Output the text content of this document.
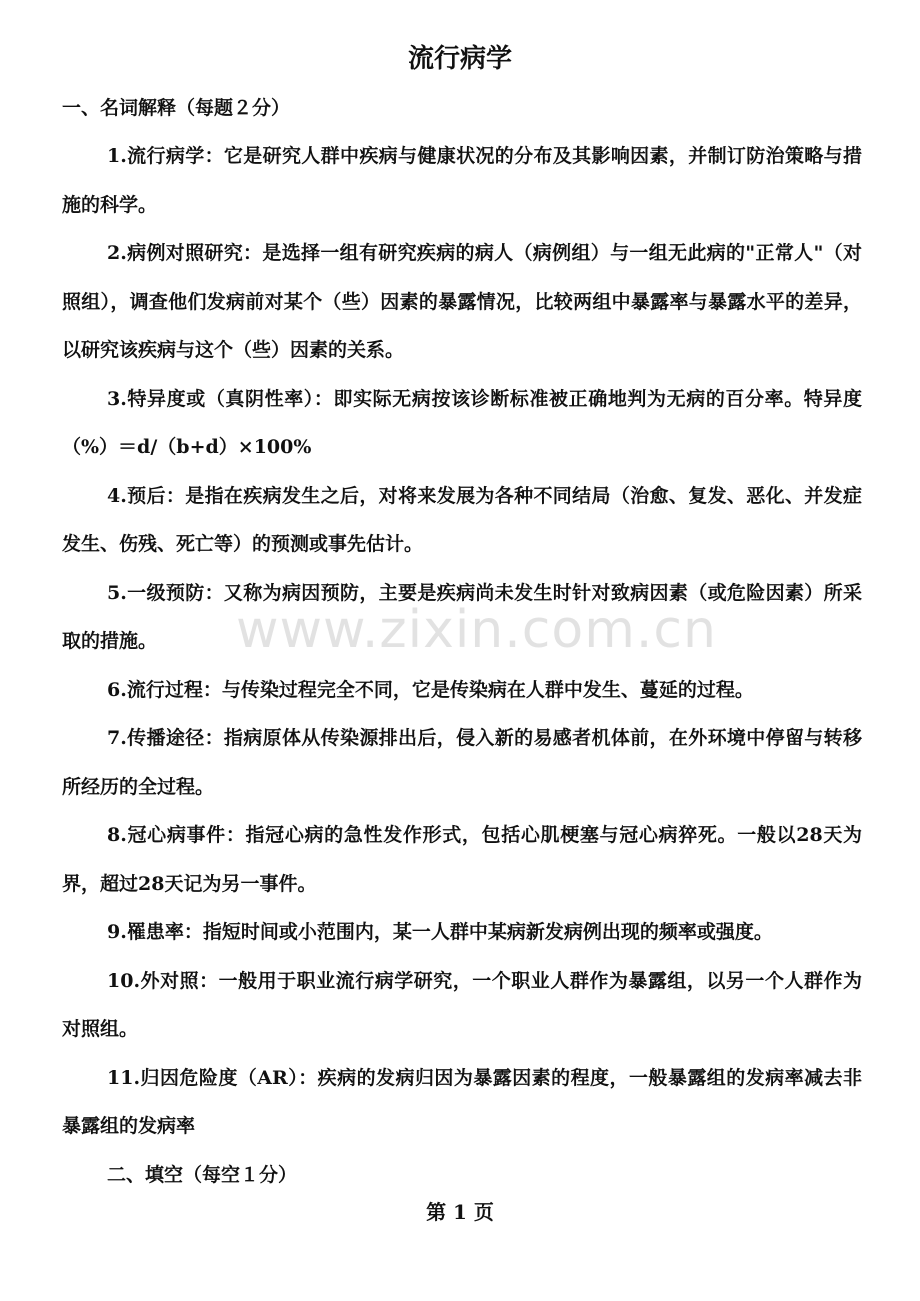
流行病学
一、名词解释（每题２分）
1.流行病学：它是研究人群中疾病与健康状况的分布及其影响因素，并制订防治策略与措施的科学。
2.病例对照研究：是选择一组有研究疾病的病人（病例组）与一组无此病的"正常人"（对照组），调查他们发病前对某个（些）因素的暴露情况，比较两组中暴露率与暴露水平的差异，以研究该疾病与这个（些）因素的关系。
3.特异度或（真阴性率）：即实际无病按该诊断标准被正确地判为无病的百分率。特异度（%）＝d/（b+d）×100%
4.预后：是指在疾病发生之后，对将来发展为各种不同结局（治愈、复发、恶化、并发症发生、伤残、死亡等）的预测或事先估计。
5.一级预防：又称为病因预防，主要是疾病尚未发生时针对致病因素（或危险因素）所采取的措施。
6.流行过程：与传染过程完全不同，它是传染病在人群中发生、蔓延的过程。
7.传播途径：指病原体从传染源排出后，侵入新的易感者机体前，在外环境中停留与转移所经历的全过程。
8.冠心病事件：指冠心病的急性发作形式，包括心肌梗塞与冠心病猝死。一般以28天为界，超过28天记为另一事件。
9.罹患率：指短时间或小范围内，某一人群中某病新发病例出现的频率或强度。
10.外对照：一般用于职业流行病学研究，一个职业人群作为暴露组，以另一个人群作为对照组。
11.归因危险度（AR）：疾病的发病归因为暴露因素的程度，一般暴露组的发病率减去非暴露组的发病率
二、填空（每空１分）
www.zixin.com.cn
第 1 页
